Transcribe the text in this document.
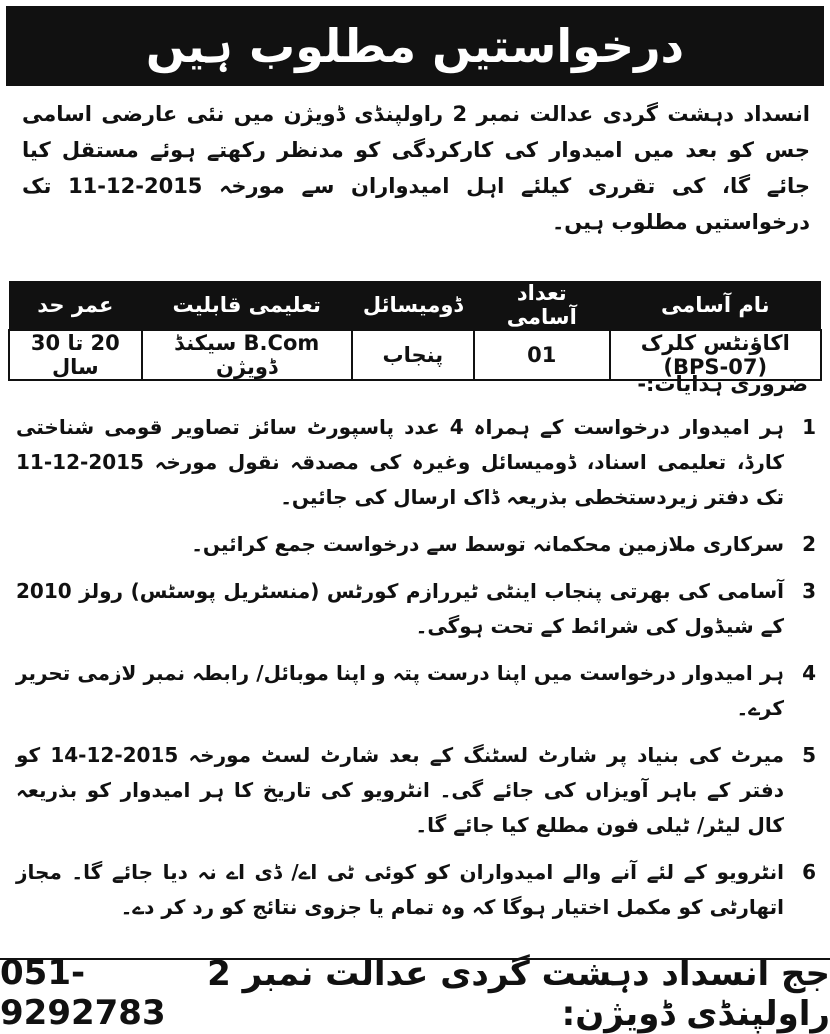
درخواستیں مطلوب ہیں

انسداد دہشت گردی عدالت نمبر 2 راولپنڈی ڈویژن میں نئی عارضی اسامی جس کو بعد میں امیدوار کی کارکردگی کو مدنظر رکھتے ہوئے مستقل کیا جائے گا، کی تقرری کیلئے اہل امیدواران سے مورخہ 2015-12-11 تک درخواستیں مطلوب ہیں۔

نام آسامی	تعداد آسامی	ڈومیسائل	تعلیمی قابلیت	عمر حد
اکاؤنٹس کلرک (BPS-07)	01	پنجاب	B.Com سیکنڈ ڈویژن	20 تا 30 سال
ضروری ہدایات:-
1
ہر امیدوار درخواست کے ہمراہ 4 عدد پاسپورٹ سائز تصاویر قومی شناختی کارڈ، تعلیمی اسناد، ڈومیسائل وغیرہ کی مصدقہ نقول مورخہ 2015-12-11 تک دفتر زیردستخطی بذریعہ ڈاک ارسال کی جائیں۔
2
سرکاری ملازمین محکمانہ توسط سے درخواست جمع کرائیں۔
3
آسامی کی بھرتی پنجاب اینٹی ٹیررازم کورٹس (منسٹریل پوسٹس) رولز 2010 کے شیڈول کی شرائط کے تحت ہوگی۔
4
ہر امیدوار درخواست میں اپنا درست پتہ و اپنا موبائل/ رابطہ نمبر لازمی تحریر کرے۔
5
میرٹ کی بنیاد پر شارٹ لسٹنگ کے بعد شارٹ لسٹ مورخہ 2015-12-14 کو دفتر کے باہر آویزاں کی جائے گی۔ انٹرویو کی تاریخ کا ہر امیدوار کو بذریعہ کال لیٹر/ ٹیلی فون مطلع کیا جائے گا۔
6
انٹرویو کے لئے آنے والے امیدواران کو کوئی ٹی اے/ ڈی اے نہ دیا جائے گا۔ مجاز اتھارٹی کو مکمل اختیار ہوگا کہ وہ تمام یا جزوی نتائج کو رد کر دے۔
جج انسداد دہشت گردی عدالت نمبر 2 راولپنڈی ڈویژن:
051-9292783
